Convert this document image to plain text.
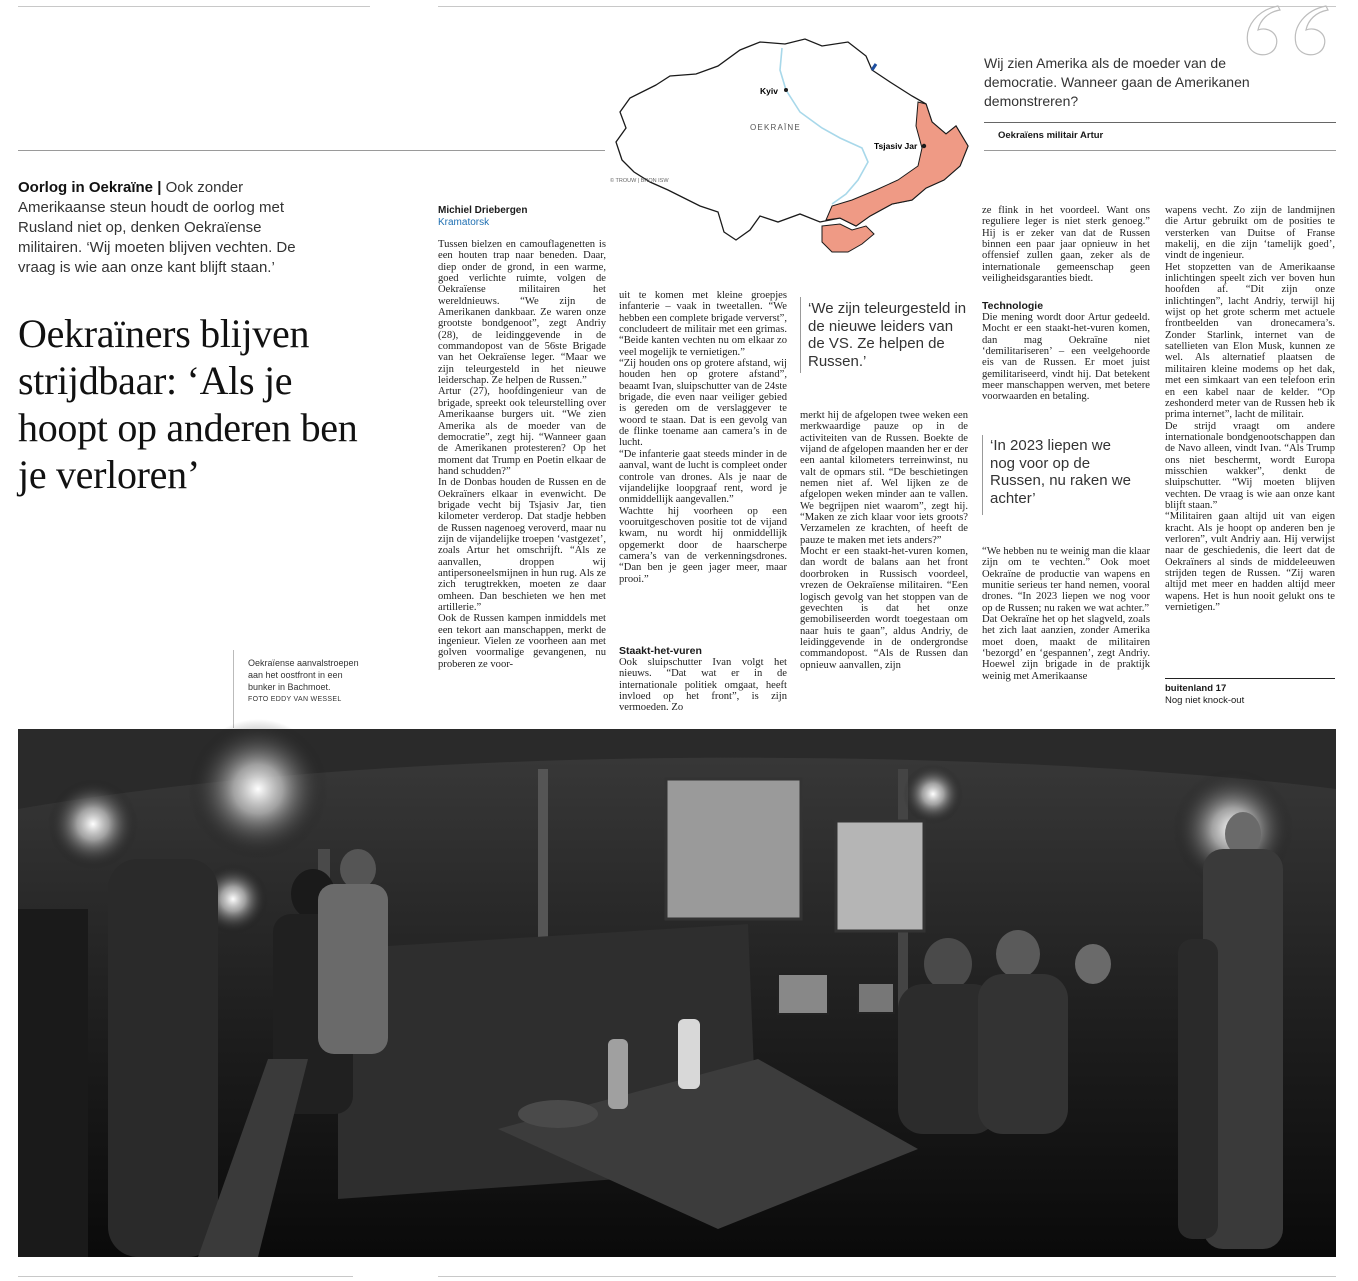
Kyiv
OEKRAÏNE
Tsjasiv Jar
© TROUW | BRON ISW
Wij zien Amerika als de moeder van de democratie. Wanneer gaan de Amerikanen demonstreren?
Oekraïens militair Artur
Oorlog in Oekraïne | Ook zonder Amerikaanse steun houdt de oorlog met Rusland niet op, denken Oekraïense militairen. ‘Wij moeten blijven vechten. De vraag is wie aan onze kant blijft staan.’
Oekraïners blijven strijdbaar: ‘Als je hoopt op anderen ben je verloren’
Oekraïense aanvalstroepen aan het oostfront in een bunker in Bachmoet.
FOTO EDDY VAN WESSEL
Michiel Driebergen
Kramatorsk
Tussen bielzen en camouflagenetten is een houten trap naar beneden. Daar, diep onder de grond, in een warme, goed verlichte ruimte, volgen de Oekraïense militairen het wereldnieuws. “We zijn de Amerikanen dankbaar. Ze waren onze grootste bondgenoot”, zegt Andriy (28), de leidinggevende in de commandopost van de 56ste Brigade van het Oekraïense leger. “Maar we zijn teleurgesteld in het nieuwe leiderschap. Ze helpen de Russen.”
Artur (27), hoofdingenieur van de brigade, spreekt ook teleurstelling over Amerikaanse burgers uit. “We zien Amerika als de moeder van de democratie”, zegt hij. “Wanneer gaan de Amerikanen protesteren? Op het moment dat Trump en Poetin elkaar de hand schudden?”
In de Donbas houden de Russen en de Oekraïners elkaar in evenwicht. De brigade vecht bij Tsjasiv Jar, tien kilometer verderop. Dat stadje hebben de Russen nagenoeg veroverd, maar nu zijn de vijandelijke troepen ‘vastgezet’, zoals Artur het omschrijft. “Als ze aanvallen, droppen wij antipersoneelsmijnen in hun rug. Als ze zich terugtrekken, moeten ze daar omheen. Dan beschieten we hen met artillerie.”
Ook de Russen kampen inmiddels met een tekort aan manschappen, merkt de ingenieur. Vielen ze voorheen aan met golven voormalige gevangenen, nu proberen ze voor-
uit te komen met kleine groepjes infanterie – vaak in tweetallen. “We hebben een complete brigade ververst”, concludeert de militair met een grimas. “Beide kanten vechten nu om elkaar zo veel mogelijk te vernietigen.”
“Zij houden ons op grotere afstand, wij houden hen op grotere afstand”, beaamt Ivan, sluipschutter van de 24ste brigade, die even naar veiliger gebied is gereden om de verslaggever te woord te staan. Dat is een gevolg van de flinke toename aan camera’s in de lucht.
“De infanterie gaat steeds minder in de aanval, want de lucht is compleet onder controle van drones. Als je naar de vijandelijke loopgraaf rent, word je onmiddellijk aangevallen.”
Wachtte hij voorheen op een vooruitgeschoven positie tot de vijand kwam, nu wordt hij onmiddellijk opgemerkt door de haarscherpe camera’s van de verkenningsdrones. “Dan ben je geen jager meer, maar prooi.”
Staakt-het-vuren
Ook sluipschutter Ivan volgt het nieuws. “Dat wat er in de internationale politiek omgaat, heeft invloed op het front”, is zijn vermoeden. Zo
‘We zijn teleurgesteld in de nieuwe leiders van de VS. Ze helpen de Russen.’
merkt hij de afgelopen twee weken een merkwaardige pauze op in de activiteiten van de Russen. Boekte de vijand de afgelopen maanden her er der een aantal kilometers terreinwinst, nu valt de opmars stil. “De beschietingen nemen niet af. Wel lijken ze de afgelopen weken minder aan te vallen. We begrijpen niet waarom”, zegt hij. “Maken ze zich klaar voor iets groots? Verzamelen ze krachten, of heeft de pauze te maken met iets anders?”
Mocht er een staakt-het-vuren komen, dan wordt de balans aan het front doorbroken in Russisch voordeel, vrezen de Oekraïense militairen. “Een logisch gevolg van het stoppen van de gevechten is dat het onze gemobiliseerden wordt toegestaan om naar huis te gaan”, aldus Andriy, de leidinggevende in de ondergrondse commandopost. “Als de Russen dan opnieuw aanvallen, zijn
ze flink in het voordeel. Want ons reguliere leger is niet sterk genoeg.” Hij is er zeker van dat de Russen binnen een paar jaar opnieuw in het offensief zullen gaan, zeker als de internationale gemeenschap geen veiligheidsgaranties biedt.
Technologie
Die mening wordt door Artur gedeeld. Mocht er een staakt-het-vuren komen, dan mag Oekraïne niet ‘demilitariseren’ – een veelgehoorde eis van de Russen. Er moet juist gemilitariseerd, vindt hij. Dat betekent meer manschappen werven, met betere voorwaarden en betaling.
‘In 2023 liepen we nog voor op de Russen, nu raken we achter’
“We hebben nu te weinig man die klaar zijn om te vechten.” Ook moet Oekraïne de productie van wapens en munitie serieus ter hand nemen, vooral drones. “In 2023 liepen we nog voor op de Russen; nu raken we wat achter.”
Dat Oekraïne het op het slagveld, zoals het zich laat aanzien, zonder Amerika moet doen, maakt de militairen ‘bezorgd’ en ‘gespannen’, zegt Andriy. Hoewel zijn brigade in de praktijk weinig met Amerikaanse
wapens vecht. Zo zijn de landmijnen die Artur gebruikt om de posities te versterken van Duitse of Franse makelij, en die zijn ‘tamelijk goed’, vindt de ingenieur.
Het stopzetten van de Amerikaanse inlichtingen speelt zich ver boven hun hoofden af. “Dit zijn onze inlichtingen”, lacht Andriy, terwijl hij wijst op het grote scherm met actuele frontbeelden van dronecamera’s. Zonder Starlink, internet van de satellieten van Elon Musk, kunnen ze wel. Als alternatief plaatsen de militairen kleine modems op het dak, met een simkaart van een telefoon erin en een kabel naar de kelder. “Op zeshonderd meter van de Russen heb ik prima internet”, lacht de militair.
De strijd vraagt om andere internationale bondgenootschappen dan de Navo alleen, vindt Ivan. “Als Trump ons niet beschermt, wordt Europa misschien wakker”, denkt de sluipschutter. “Wij moeten blijven vechten. De vraag is wie aan onze kant blijft staan.”
“Militairen gaan altijd uit van eigen kracht. Als je hoopt op anderen ben je verloren”, vult Andriy aan. Hij verwijst naar de geschiedenis, die leert dat de Oekraïners al sinds de middeleeuwen strijden tegen de Russen. “Zij waren altijd met meer en hadden altijd meer wapens. Het is hun nooit gelukt ons te vernietigen.”
buitenland 17
Nog niet knock-out
